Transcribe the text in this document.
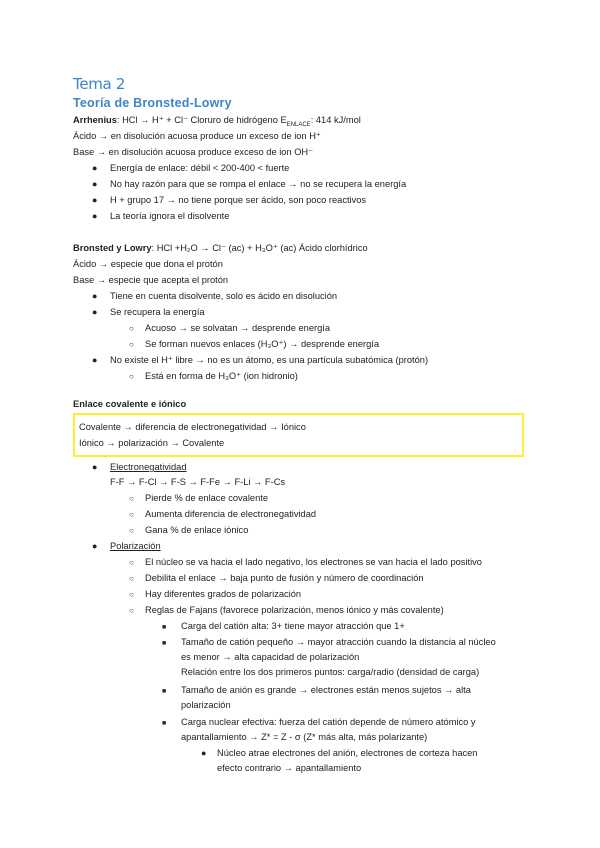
Tema 2
Teoría de Bronsted-Lowry
Arrhenius: HCl → H⁺ + Cl⁻ Cloruro de hidrógeno $E_{ENLACE}$: 414 kJ/mol
Ácido → en disolución acuosa produce un exceso de ion H⁺
Base → en disolución acuosa produce exceso de ion OH⁻
● Energía de enlace: débil < 200-400 < fuerte
● No hay razón para que se rompa el enlace → no se recupera la energía
● H + grupo 17 → no tiene porque ser ácido, son poco reactivos
● La teoría ignora el disolvente
Bronsted y Lowry: HCl +H₂O → Cl⁻ (ac) + H₃O⁺ (ac) Ácido clorhídrico
Ácido → especie que dona el protón
Base → especie que acepta el protón
● Tiene en cuenta disolvente, solo es ácido en disolución
● Se recupera la energía
○ Acuoso → se solvatan → desprende energía
○ Se forman nuevos enlaces (H₃O⁺) → desprende energía
● No existe el H⁺ libre → no es un átomo, es una partícula subatómica (protón)
○ Está en forma de H₃O⁺ (ion hidronio)
Enlace covalente e iónico
Covalente → diferencia de electronegatividad → Iónico
Iónico → polarización → Covalente
● Electronegatividad
F-F → F-Cl → F-S → F-Fe → F-Li → F-Cs
○ Pierde % de enlace covalente
○ Aumenta diferencia de electronegatividad
○ Gana % de enlace iónico
● Polarización
○ El núcleo se va hacia el lado negativo, los electrones se van hacia el lado positivo
○ Debilita el enlace → baja punto de fusión y número de coordinación
○ Hay diferentes grados de polarización
○ Reglas de Fajans (favorece polarización, menos iónico y más covalente)
■ Carga del catión alta: 3+ tiene mayor atracción que 1+
■ Tamaño de catión pequeño → mayor atracción cuando la distancia al núcleo
es menor → alta capacidad de polarización
Relación entre los dos primeros puntos: carga/radio (densidad de carga)
■ Tamaño de anión es grande → electrones están menos sujetos → alta
polarización
■ Carga nuclear efectiva: fuerza del catión depende de número atómico y
apantallamiento → Z* = Z - σ (Z* más alta, más polarizante)
● Núcleo atrae electrones del anión, electrones de corteza hacen
efecto contrario → apantallamiento
